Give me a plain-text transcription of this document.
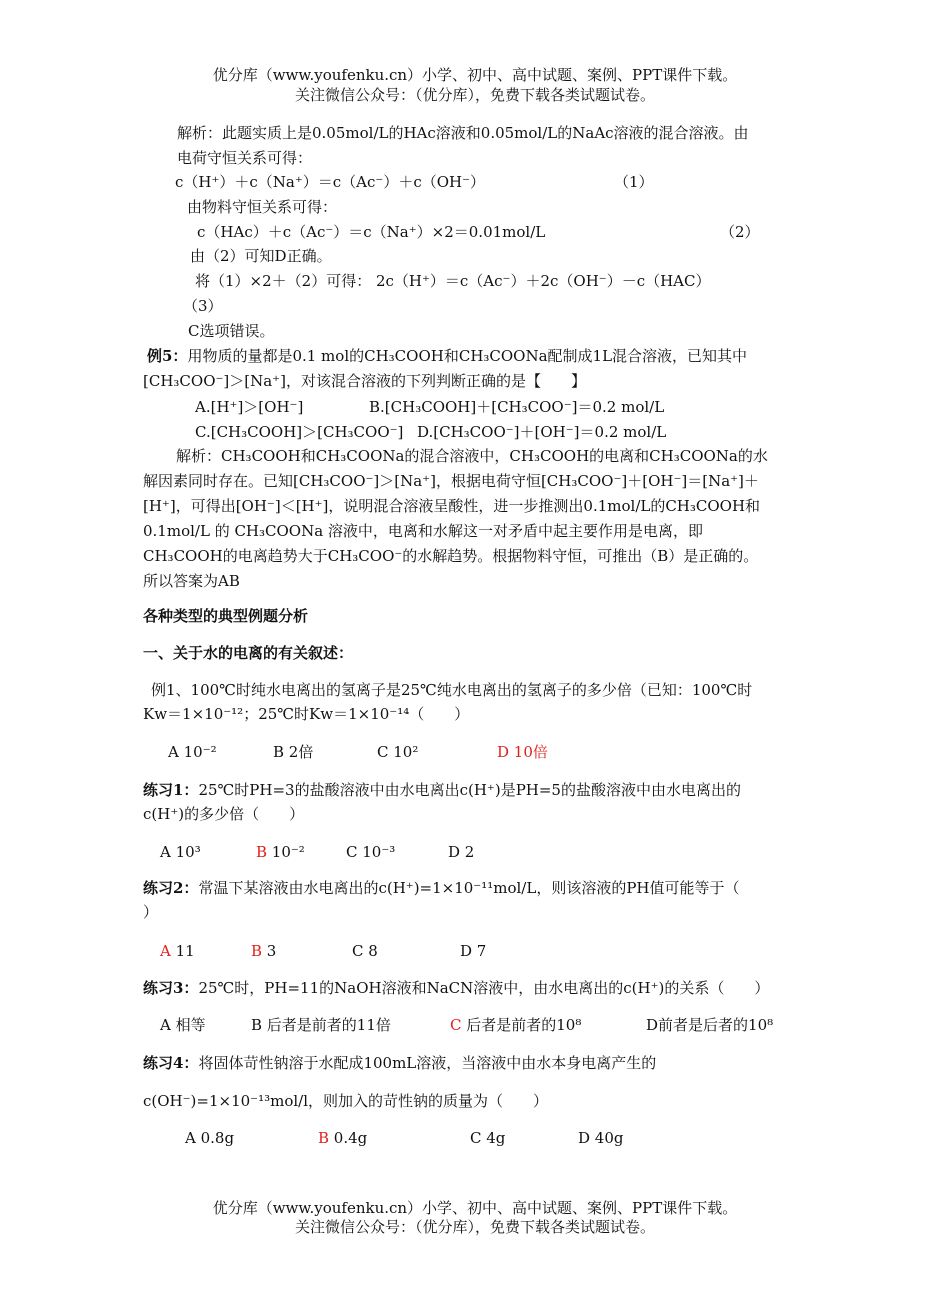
优分库（www.youfenku.cn）小学、初中、高中试题、案例、PPT课件下载。
关注微信公众号：（优分库），免费下载各类试题试卷。
解析：此题实质上是0.05mol/L的HAc溶液和0.05mol/L的NaAc溶液的混合溶液。由
电荷守恒关系可得：
c（H⁺）＋c（Na⁺）＝c（Ac⁻）＋c（OH⁻）	（1）
由物料守恒关系可得：
c（HAc）＋c（Ac⁻）＝c（Na⁺）×2＝0.01mol/L	（2）
由（2）可知D正确。
将（1）×2＋（2）可得： 2c（H⁺）＝c（Ac⁻）＋2c（OH⁻）－c（HAC）
（3）
C选项错误。
例5：用物质的量都是0.1 mol的CH₃COOH和CH₃COONa配制成1L混合溶液，已知其中
[CH₃COO⁻]＞[Na⁺]，对该混合溶液的下列判断正确的是【　　】
A.[H⁺]＞[OH⁻]	B.[CH₃COOH]＋[CH₃COO⁻]＝0.2 mol/L
C.[CH₃COOH]＞[CH₃COO⁻] D.[CH₃COO⁻]＋[OH⁻]＝0.2 mol/L
解析：CH₃COOH和CH₃COONa的混合溶液中，CH₃COOH的电离和CH₃COONa的水
解因素同时存在。已知[CH₃COO⁻]＞[Na⁺]，根据电荷守恒[CH₃COO⁻]＋[OH⁻]＝[Na⁺]＋
[H⁺]，可得出[OH⁻]＜[H⁺]，说明混合溶液呈酸性，进一步推测出0.1mol/L的CH₃COOH和
0.1mol/L 的 CH₃COONa 溶液中，电离和水解这一对矛盾中起主要作用是电离，即
CH₃COOH的电离趋势大于CH₃COO⁻的水解趋势。根据物料守恒，可推出（B）是正确的。
所以答案为AB
各种类型的典型例题分析
一、关于水的电离的有关叙述：
例1、100℃时纯水电离出的氢离子是25℃纯水电离出的氢离子的多少倍（已知：100℃时
Kw＝1×10⁻¹²；25℃时Kw＝1×10⁻¹⁴（　　）
A 10⁻²	B 2倍	C 10²	D 10倍
练习1：25℃时PH=3的盐酸溶液中由水电离出c(H⁺)是PH=5的盐酸溶液中由水电离出的
c(H⁺)的多少倍（　　）
A 10³	B 10⁻²	C 10⁻³	D 2
练习2：常温下某溶液由水电离出的c(H⁺)=1×10⁻¹¹mol/L，则该溶液的PH值可能等于（
）
A 11	B 3	C 8	D 7
练习3：25℃时，PH=11的NaOH溶液和NaCN溶液中，由水电离出的c(H⁺)的关系（　　）
A 相等	B 后者是前者的11倍	C 后者是前者的10⁸	D前者是后者的10⁸
练习4：将固体苛性钠溶于水配成100mL溶液，当溶液中由水本身电离产生的
c(OH⁻)=1×10⁻¹³mol/l，则加入的苛性钠的质量为（　　）
A 0.8g	B 0.4g	C 4g	D 40g
优分库（www.youfenku.cn）小学、初中、高中试题、案例、PPT课件下载。
关注微信公众号：（优分库），免费下载各类试题试卷。
